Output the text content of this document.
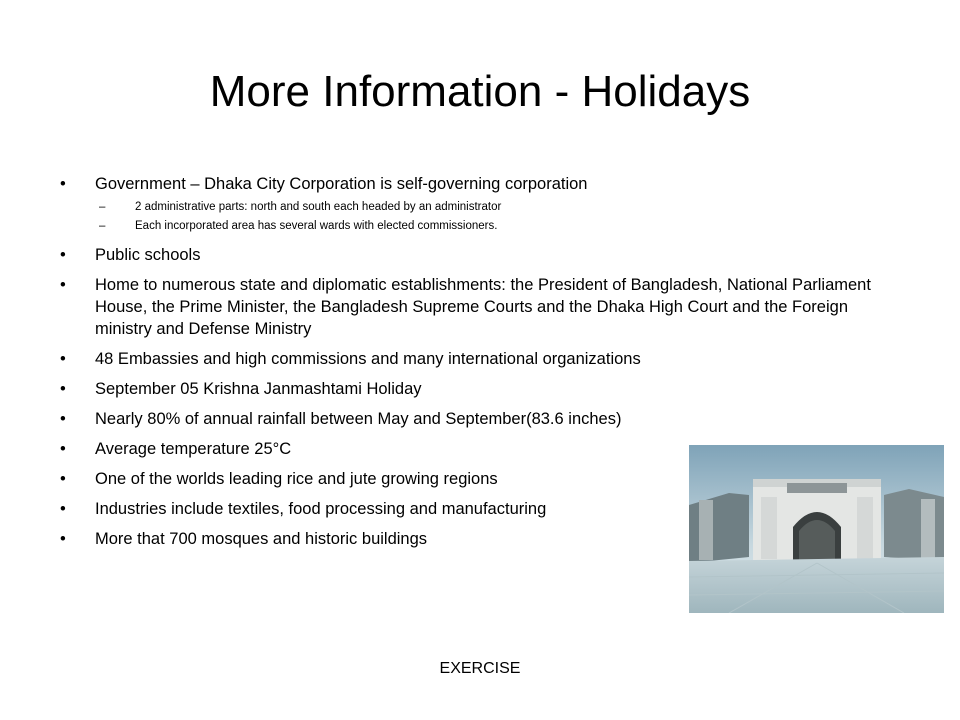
More Information - Holidays
• Government – Dhaka City Corporation is self-governing corporation
–	2 administrative parts: north and south each headed by an administrator
–	Each incorporated area has several wards with elected commissioners.
• Public schools
• Home to numerous state and diplomatic establishments: the President of Bangladesh, National Parliament House, the Prime Minister, the Bangladesh Supreme Courts and the Dhaka High Court and the Foreign ministry and Defense Ministry
• 48 Embassies and high commissions and many international organizations
• September 05 Krishna Janmashtami Holiday
• Nearly 80% of annual rainfall between May and September(83.6 inches)
• Average temperature 25°C
• One of the worlds leading rice and jute growing regions
• Industries include textiles, food processing and manufacturing
• More that 700 mosques and historic buildings
EXERCISE
